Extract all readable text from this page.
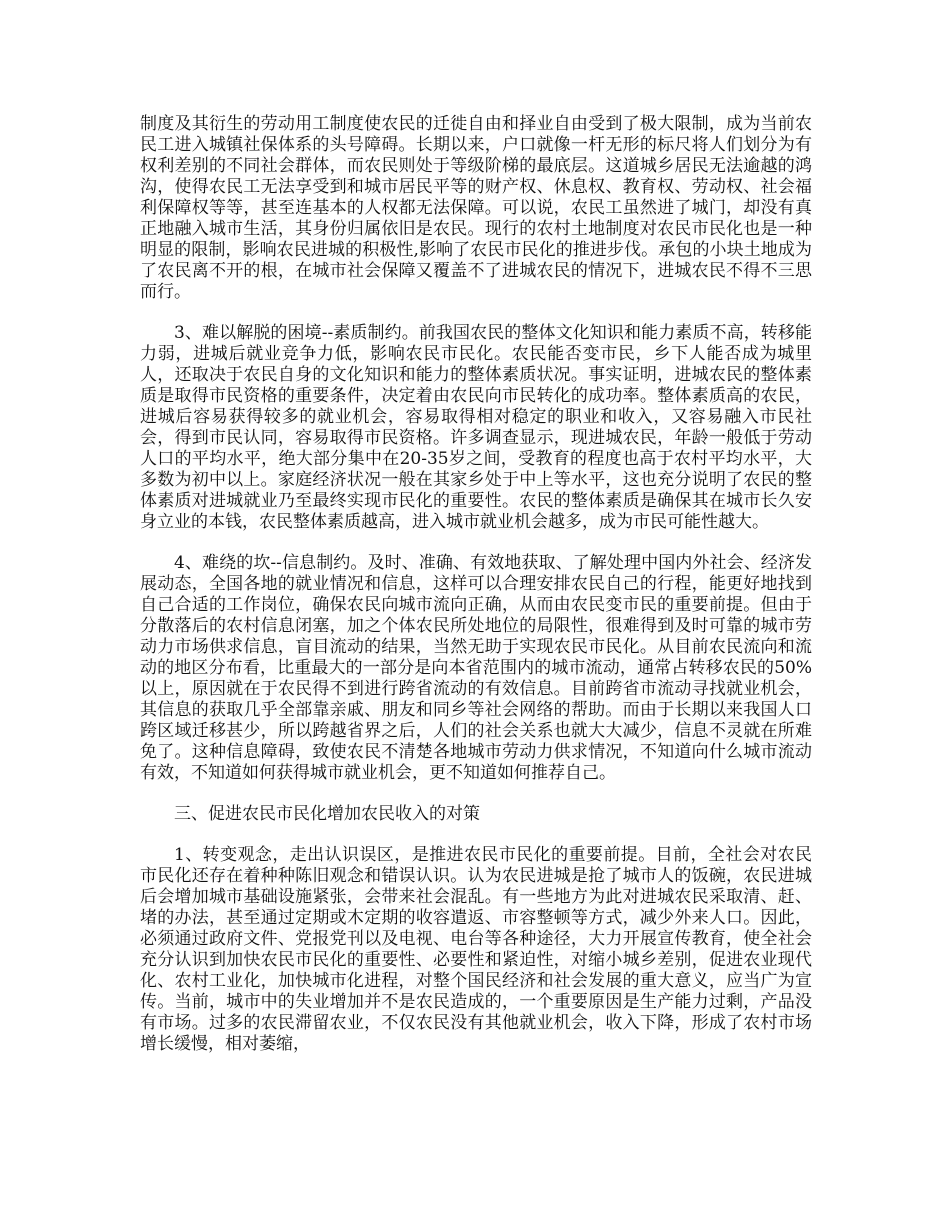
制度及其衍生的劳动用工制度使农民的迁徙自由和择业自由受到了极大限制，成为当前农民工进入城镇社保体系的头号障碍。长期以来，户口就像一杆无形的标尺将人们划分为有权利差别的不同社会群体，而农民则处于等级阶梯的最底层。这道城乡居民无法逾越的鸿沟，使得农民工无法享受到和城市居民平等的财产权、休息权、教育权、劳动权、社会福利保障权等等，甚至连基本的人权都无法保障。可以说，农民工虽然进了城门，却没有真正地融入城市生活，其身份归属依旧是农民。现行的农村土地制度对农民市民化也是一种明显的限制，影响农民进城的积极性,影响了农民市民化的推进步伐。承包的小块土地成为了农民离不开的根，在城市社会保障又覆盖不了进城农民的情况下，进城农民不得不三思而行。

3、难以解脱的困境--素质制约。前我国农民的整体文化知识和能力素质不高，转移能力弱，进城后就业竞争力低，影响农民市民化。农民能否变市民，乡下人能否成为城里人，还取决于农民自身的文化知识和能力的整体素质状况。事实证明，进城农民的整体素质是取得市民资格的重要条件，决定着由农民向市民转化的成功率。整体素质高的农民，进城后容易获得较多的就业机会，容易取得相对稳定的职业和收入，又容易融入市民社会，得到市民认同，容易取得市民资格。许多调查显示，现进城农民，年龄一般低于劳动人口的平均水平，绝大部分集中在20-35岁之间，受教育的程度也高于农村平均水平，大多数为初中以上。家庭经济状况一般在其家乡处于中上等水平，这也充分说明了农民的整体素质对进城就业乃至最终实现市民化的重要性。农民的整体素质是确保其在城市长久安身立业的本钱，农民整体素质越高，进入城市就业机会越多，成为市民可能性越大。

4、难绕的坎--信息制约。及时、准确、有效地获取、了解处理中国内外社会、经济发展动态，全国各地的就业情况和信息，这样可以合理安排农民自己的行程，能更好地找到自己合适的工作岗位，确保农民向城市流向正确，从而由农民变市民的重要前提。但由于分散落后的农村信息闭塞，加之个体农民所处地位的局限性，很难得到及时可靠的城市劳动力市场供求信息，盲目流动的结果，当然无助于实现农民市民化。从目前农民流向和流动的地区分布看，比重最大的一部分是向本省范围内的城市流动，通常占转移农民的50%以上，原因就在于农民得不到进行跨省流动的有效信息。目前跨省市流动寻找就业机会，其信息的获取几乎全部靠亲戚、朋友和同乡等社会网络的帮助。而由于长期以来我国人口跨区域迁移甚少，所以跨越省界之后，人们的社会关系也就大大减少，信息不灵就在所难免了。这种信息障碍，致使农民不清楚各地城市劳动力供求情况，不知道向什么城市流动有效，不知道如何获得城市就业机会，更不知道如何推荐自己。

三、促进农民市民化增加农民收入的对策

1、转变观念，走出认识误区，是推进农民市民化的重要前提。目前，全社会对农民市民化还存在着种种陈旧观念和错误认识。认为农民进城是抢了城市人的饭碗，农民进城后会增加城市基础设施紧张，会带来社会混乱。有一些地方为此对进城农民采取清、赶、堵的办法，甚至通过定期或木定期的收容遣返、市容整顿等方式，减少外来人口。因此，必须通过政府文件、党报党刊以及电视、电台等各种途径，大力开展宣传教育，使全社会充分认识到加快农民市民化的重要性、必要性和紧迫性，对缩小城乡差别，促进农业现代化、农村工业化，加快城市化进程，对整个国民经济和社会发展的重大意义，应当广为宣传。当前，城市中的失业增加并不是农民造成的，一个重要原因是生产能力过剩，产品没有市场。过多的农民滞留农业，不仅农民没有其他就业机会，收入下降，形成了农村市场增长缓慢，相对萎缩，
